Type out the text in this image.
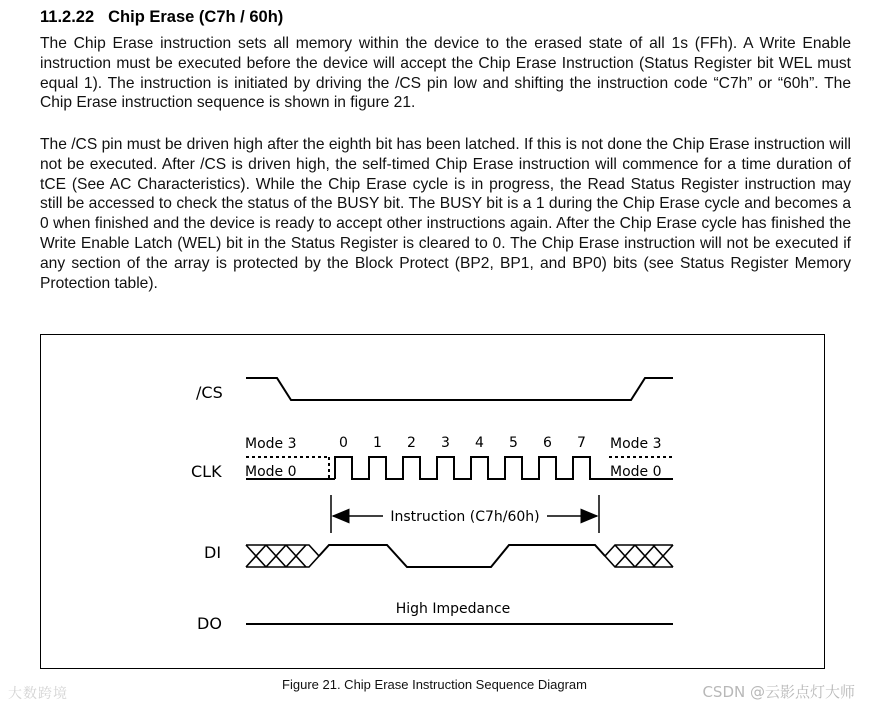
11.2.22 Chip Erase (C7h / 60h)

The Chip Erase instruction sets all memory within the device to the erased state of all 1s (FFh). A Write Enable instruction must be executed before the device will accept the Chip Erase Instruction (Status Register bit WEL must equal 1). The instruction is initiated by driving the /CS pin low and shifting the instruction code “C7h” or “60h”. The Chip Erase instruction sequence is shown in figure 21.

The /CS pin must be driven high after the eighth bit has been latched. If this is not done the Chip Erase instruction will not be executed. After /CS is driven high, the self-timed Chip Erase instruction will commence for a time duration of tCE (See AC Characteristics). While the Chip Erase cycle is in progress, the Read Status Register instruction may still be accessed to check the status of the BUSY bit. The BUSY bit is a 1 during the Chip Erase cycle and becomes a 0 when finished and the device is ready to accept other instructions again. After the Chip Erase cycle has finished the Write Enable Latch (WEL) bit in the Status Register is cleared to 0. The Chip Erase instruction will not be executed if any section of the array is protected by the Block Protect (BP2, BP1, and BP0) bits (see Status Register Memory Protection table).

/CS
CLK
DI
DO
Mode 3
Mode 0
Mode 3
Mode 0
0 1 2 3 4 5 6 7
Instruction (C7h/60h)
High Impedance
Figure 21. Chip Erase Instruction Sequence Diagram
大数跨境	CSDN @云影点灯大师
